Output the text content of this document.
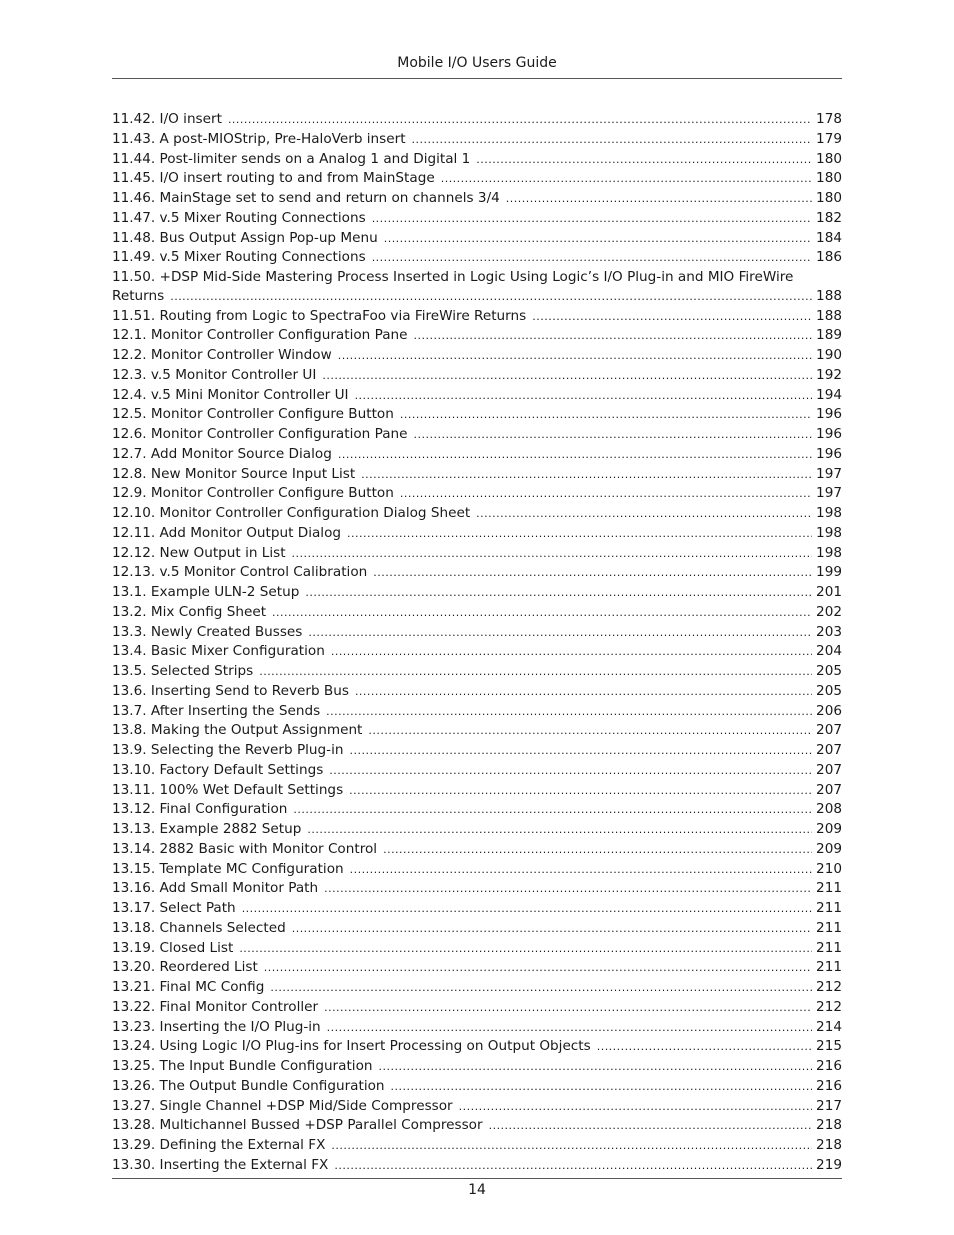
Mobile I/O Users Guide
11.42. I/O insert . . .	178
11.43. A post-MIOStrip, Pre-HaloVerb insert . . .	179
11.44. Post-limiter sends on a Analog 1 and Digital 1 . . .	180
11.45. I/O insert routing to and from MainStage . . .	180
11.46. MainStage set to send and return on channels 3/4 . . .	180
11.47. v.5 Mixer Routing Connections . . .	182
11.48. Bus Output Assign Pop-up Menu . . .	184
11.49. v.5 Mixer Routing Connections . . .	186
11.50. +DSP Mid-Side Mastering Process Inserted in Logic Using Logic’s I/O Plug-in and MIO FireWire
Returns . . .	188
11.51. Routing from Logic to SpectraFoo via FireWire Returns . . .	188
12.1. Monitor Controller Configuration Pane . . .	189
12.2. Monitor Controller Window . . .	190
12.3. v.5 Monitor Controller UI . . .	192
12.4. v.5 Mini Monitor Controller UI . . .	194
12.5. Monitor Controller Configure Button . . .	196
12.6. Monitor Controller Configuration Pane . . .	196
12.7. Add Monitor Source Dialog . . .	196
12.8. New Monitor Source Input List . . .	197
12.9. Monitor Controller Configure Button . . .	197
12.10. Monitor Controller Configuration Dialog Sheet . . .	198
12.11. Add Monitor Output Dialog . . .	198
12.12. New Output in List . . .	198
12.13. v.5 Monitor Control Calibration . . .	199
13.1. Example ULN-2 Setup . . .	201
13.2. Mix Config Sheet . . .	202
13.3. Newly Created Busses . . .	203
13.4. Basic Mixer Configuration . . .	204
13.5. Selected Strips . . .	205
13.6. Inserting Send to Reverb Bus . . .	205
13.7. After Inserting the Sends . . .	206
13.8. Making the Output Assignment . . .	207
13.9. Selecting the Reverb Plug-in . . .	207
13.10. Factory Default Settings . . .	207
13.11. 100% Wet Default Settings . . .	207
13.12. Final Configuration . . .	208
13.13. Example 2882 Setup . . .	209
13.14. 2882 Basic with Monitor Control . . .	209
13.15. Template MC Configuration . . .	210
13.16. Add Small Monitor Path . . .	211
13.17. Select Path . . .	211
13.18. Channels Selected . . .	211
13.19. Closed List . . .	211
13.20. Reordered List . . .	211
13.21. Final MC Config . . .	212
13.22. Final Monitor Controller . . .	212
13.23. Inserting the I/O Plug-in . . .	214
13.24. Using Logic I/O Plug-ins for Insert Processing on Output Objects . . .	215
13.25. The Input Bundle Configuration . . .	216
13.26. The Output Bundle Configuration . . .	216
13.27. Single Channel +DSP Mid/Side Compressor . . .	217
13.28. Multichannel Bussed +DSP Parallel Compressor . . .	218
13.29. Defining the External FX . . .	218
13.30. Inserting the External FX . . .	219
14
